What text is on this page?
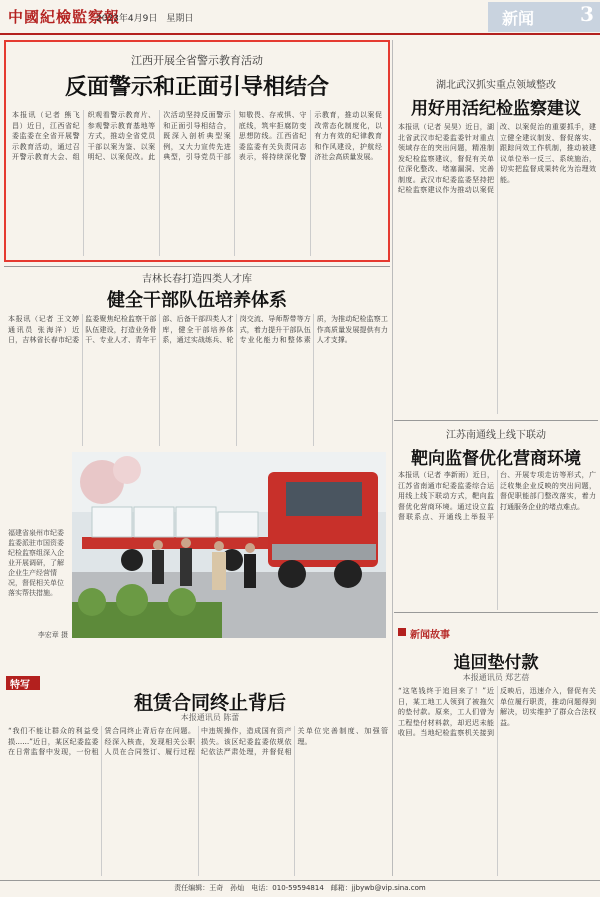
中國紀檢監察報
2023年4月9日　星期日	新闻 3
江西开展全省警示教育活动
反面警示和正面引导相结合
本报讯（记者 熊飞昌）近日，江西省纪委监委在全省开展警示教育活动，通过召开警示教育大会、组织观看警示教育片、参观警示教育基地等方式，推动全省党员干部以案为鉴、以案明纪、以案促改。此次活动坚持反面警示和正面引导相结合，既深入剖析典型案例，又大力宣传先进典型，引导党员干部知敬畏、存戒惧、守底线，筑牢拒腐防变思想防线。江西省纪委监委有关负责同志表示，将持续深化警示教育，推动以案促改常态化制度化，以有力有效的纪律教育和作风建设，护航经济社会高质量发展。
湖北武汉抓实重点领域整改
用好用活纪检监察建议
本报讯（记者 吴昊）近日，湖北省武汉市纪委监委针对重点领域存在的突出问题，精准制发纪检监察建议，督促有关单位深化整改、堵塞漏洞、完善制度。武汉市纪委监委坚持把纪检监察建议作为推动以案促改、以案促治的重要抓手，建立健全建议制发、督促落实、跟踪问效工作机制，推动被建议单位举一反三、系统施治，切实把监督成果转化为治理效能。
吉林长春打造四类人才库
健全干部队伍培养体系
本报讯（记者 王文婷 通讯员 张海洋）近日，吉林省长春市纪委监委聚焦纪检监察干部队伍建设，打造业务骨干、专业人才、青年干部、后备干部四类人才库，健全干部培养体系，通过实战练兵、轮岗交流、导师帮带等方式，着力提升干部队伍专业化能力和整体素质，为推动纪检监察工作高质量发展提供有力人才支撑。
江苏南通线上线下联动
靶向监督优化营商环境
本报讯（记者 李新雨）近日，江苏省南通市纪委监委综合运用线上线下联动方式，靶向监督优化营商环境。通过设立监督联系点、开通线上举报平台、开展专项走访等形式，广泛收集企业反映的突出问题，督促职能部门整改落实，着力打通服务企业的堵点难点。
福建省泉州市纪委监委派驻市国资委纪检监察组深入企业开展调研，了解企业生产经营情况，督促相关单位落实帮扶措施。
李宏章 摄
特写
租赁合同终止背后
本报通讯员 陈蕾
“我们不能让群众的利益受损……”近日，某区纪委监委在日常监督中发现，一份租赁合同终止背后存在问题。经深入核查，发现相关公职人员在合同签订、履行过程中违规操作，造成国有资产损失。该区纪委监委依规依纪依法严肃处理，并督促相关单位完善制度、加强管理。
新闻故事
追回垫付款
本报通讯员 郑艺蓓
“这笔钱终于追回来了！”近日，某工地工人领到了被拖欠的垫付款。原来，工人们曾为工程垫付材料款，却迟迟未能收回。当地纪检监察机关接到反映后，迅速介入，督促有关单位履行职责，推动问题得到解决，切实维护了群众合法权益。
责任编辑：王奇　孙灿　电话：010-59594814　邮箱：jjbywb@vip.sina.com
